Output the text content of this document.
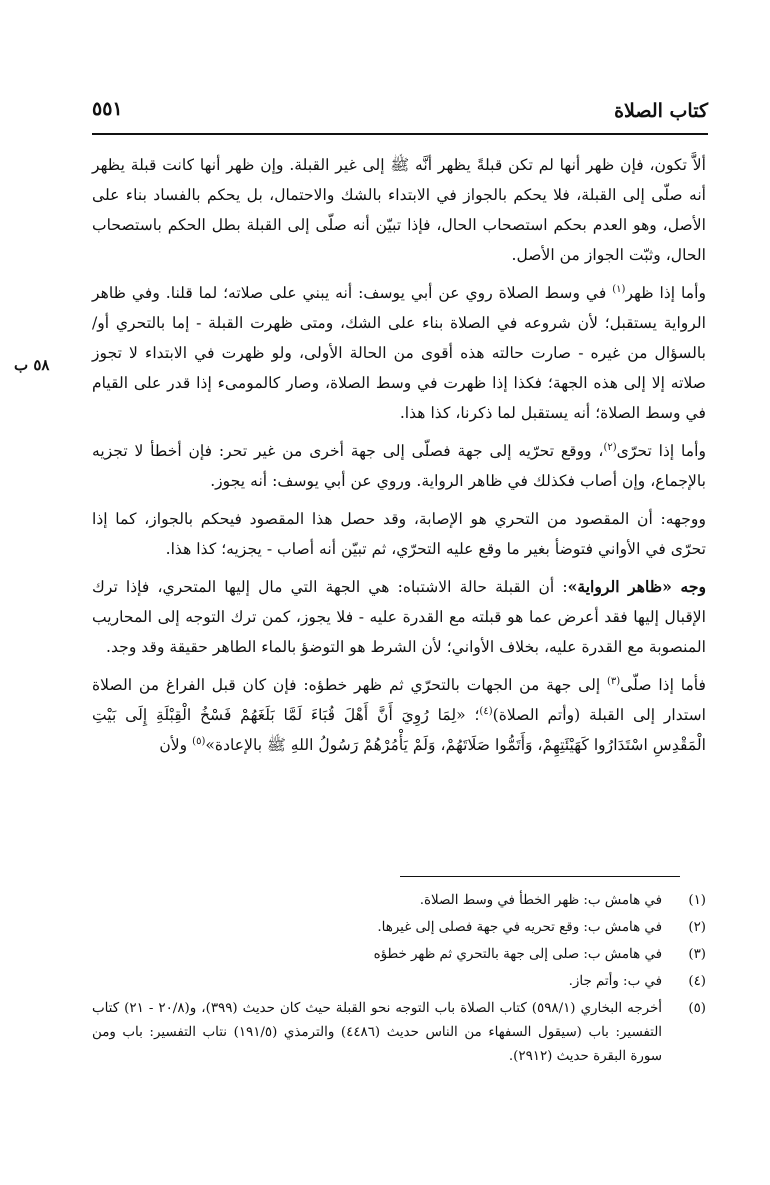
كتاب الصلاة
٥٥١
٥٨ ب

ألاَّ تكون، فإن ظهر أنها لم تكن قبلةً يظهر أنَّه ﷺ إلى غير القبلة. وإن ظهر أنها كانت قبلة يظهر أنه صلّى إلى القبلة، فلا يحكم بالجواز في الابتداء بالشك والاحتمال، بل يحكم بالفساد بناء على الأصل، وهو العدم بحكم استصحاب الحال، فإذا تبيّن أنه صلّى إلى القبلة بطل الحكم باستصحاب الحال، وثبّت الجواز من الأصل.

وأما إذا ظهر$^{(١)}$ في وسط الصلاة روي عن أبي يوسف: أنه يبني على صلاته؛ لما قلنا. وفي ظاهر الرواية يستقبل؛ لأن شروعه في الصلاة بناء على الشك، ومتى ظهرت القبلة - إما بالتحري أو/ بالسؤال من غيره - صارت حالته هذه أقوى من الحالة الأولى، ولو ظهرت في الابتداء لا تجوز صلاته إلا إلى هذه الجهة؛ فكذا إذا ظهرت في وسط الصلاة، وصار كالمومىء إذا قدر على القيام في وسط الصلاة؛ أنه يستقبل لما ذكرنا، كذا هذا.

وأما إذا تحرّى$^{(٢)}$، ووقع تحرّيه إلى جهة فصلّى إلى جهة أخرى من غير تحر: فإن أخطأ لا تجزيه بالإجماع، وإن أصاب فكذلك في ظاهر الرواية. وروي عن أبي يوسف: أنه يجوز.

ووجهه: أن المقصود من التحري هو الإصابة، وقد حصل هذا المقصود فيحكم بالجواز، كما إذا تحرّى في الأواني فتوضأ بغير ما وقع عليه التحرّي، ثم تبيّن أنه أصاب - يجزيه؛ كذا هذا.

وجه «ظاهر الرواية»: أن القبلة حالة الاشتباه: هي الجهة التي مال إليها المتحري، فإذا ترك الإقبال إليها فقد أعرض عما هو قبلته مع القدرة عليه - فلا يجوز، كمن ترك التوجه إلى المحاريب المنصوبة مع القدرة عليه، بخلاف الأواني؛ لأن الشرط هو التوضؤ بالماء الطاهر حقيقة وقد وجد.

فأما إذا صلّى$^{(٣)}$ إلى جهة من الجهات بالتحرّي ثم ظهر خطؤه: فإن كان قبل الفراغ من الصلاة استدار إلى القبلة (وأتم الصلاة)$^{(٤)}$؛ «لِمَا رُوِيَ أَنَّ أَهْلَ قُبَاءَ لَمَّا بَلَغَهُمْ فَسْخُ الْقِبْلَةِ إِلَى بَيْتِ الْمَقْدِسِ اسْتَدَارُوا كَهَيْئَتِهِمْ، وَأَتَمُّوا صَلَاتَهُمْ، وَلَمْ يَأْمُرْهُمْ رَسُولُ اللهِ ﷺ بالإعادة»$^{(٥)}$ ولأن

(١)
في هامش ب: ظهر الخطأ في وسط الصلاة.
(٢)
في هامش ب: وقع تحريه في جهة فصلى إلى غيرها.
(٣)
في هامش ب: صلى إلى جهة بالتحري ثم ظهر خطؤه
(٤)
في ب: وأتم جاز.
(٥)
أخرجه البخاري (٥٩٨/١) كتاب الصلاة باب التوجه نحو القبلة حيث كان حديث (٣٩٩)، و(٢٠/٨ - ٢١) كتاب التفسير: باب (سيقول السفهاء من الناس حديث (٤٤٨٦) والترمذي (١٩١/٥) نتاب التفسير: باب ومن سورة البقرة حديث (٢٩١٢).
